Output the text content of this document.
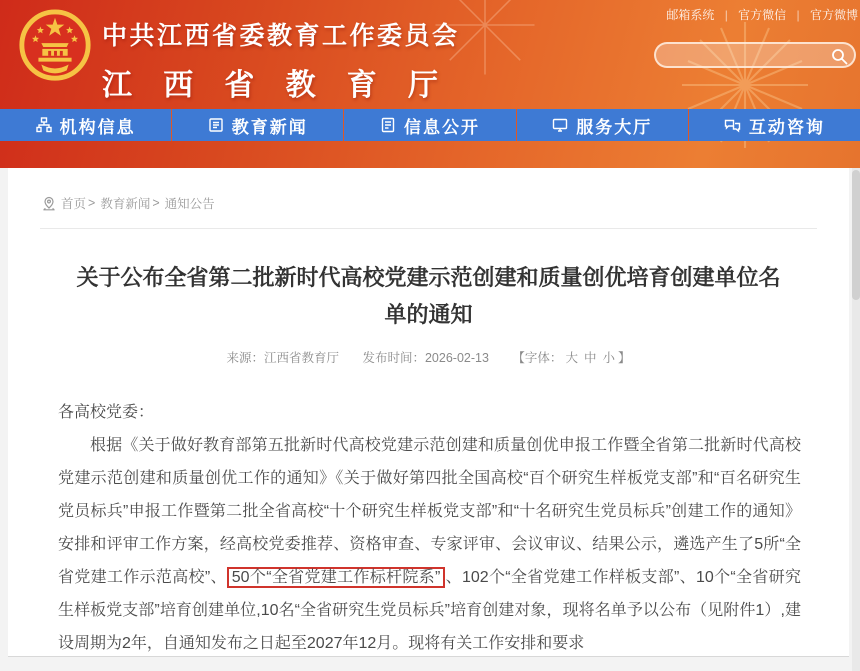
邮箱系统 | 官方微信 | 官方微博
中共江西省委教育工作委员会
江西省教育厅
机构信息	教育新闻	信息公开	服务大厅	互动咨询
首页 > 教育新闻 > 通知公告
关于公布全省第二批新时代高校党建示范创建和质量创优培育创建单位名单的通知
来源：江西省教育厅 发布时间：2026-02-13 【字体： 大 中 小 】

各高校党委：

根据《关于做好教育部第五批新时代高校党建示范创建和质量创优申报工作暨全省第二批新时代高校党建示范创建和质量创优工作的通知》《关于做好第四批全国高校“百个研究生样板党支部”和“百名研究生党员标兵”申报工作暨第二批全省高校“十个研究生样板党支部”和“十名研究生党员标兵”创建工作的通知》安排和评审工作方案，经高校党委推荐、资格审查、专家评审、会议审议、结果公示，遴选产生了5所“全省党建工作示范高校”、 50个“全省党建工作标杆院系” 、102个“全省党建工作样板支部”、10个“全省研究生样板党支部”培育创建单位,10名“全省研究生党员标兵”培育创建对象，现将名单予以公布（见附件1）,建设周期为2年，自通知发布之日起至2027年12月。现将有关工作安排和要求
